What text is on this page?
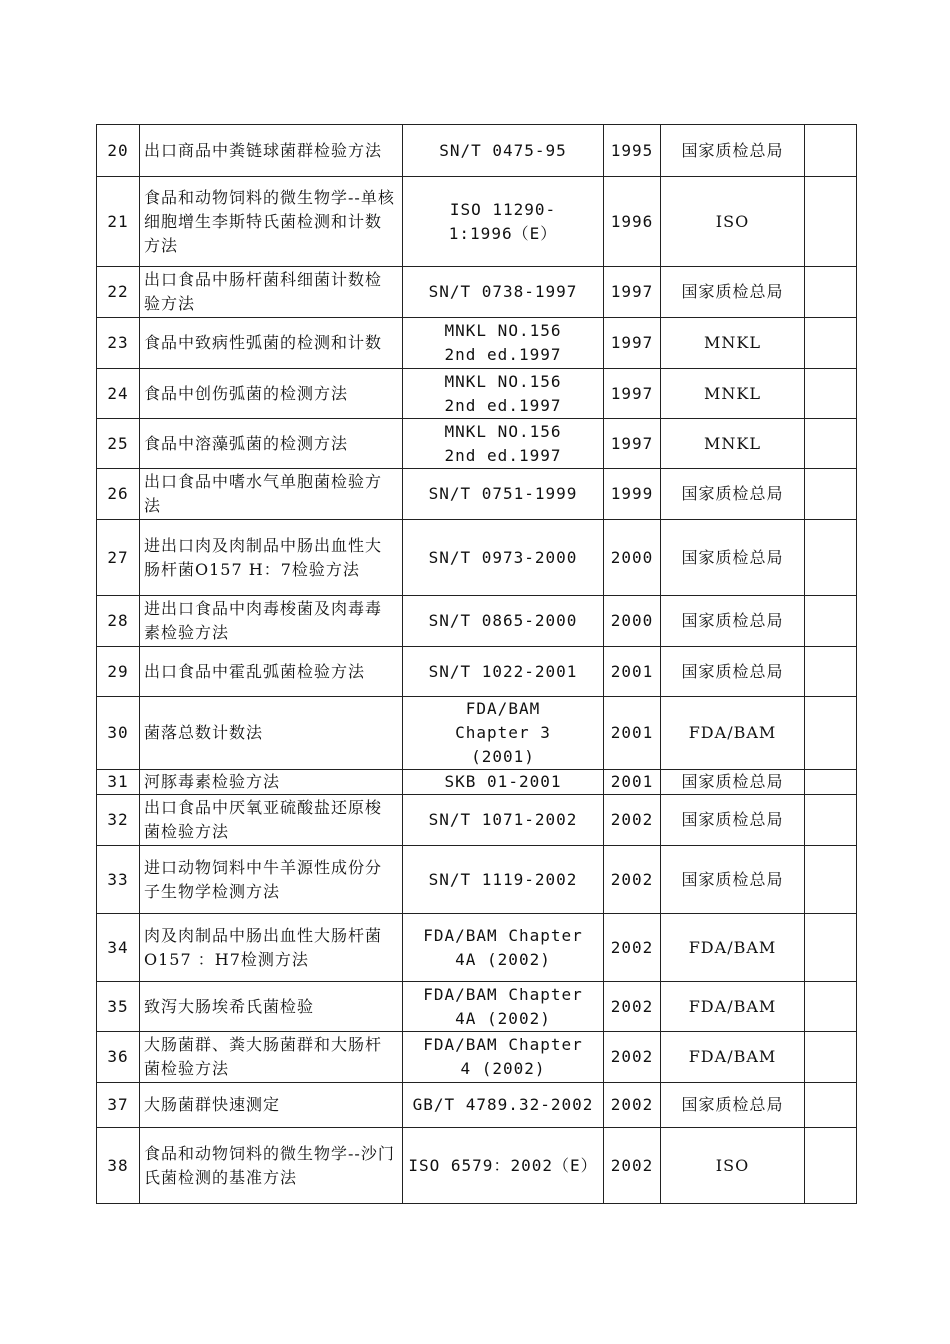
20	出口商品中粪链球菌群检验方法	SN/T 0475-95	1995	国家质检总局	
21	食品和动物饲料的微生物学--单核细胞增生李斯特氏菌检测和计数方法	ISO 11290-1:1996（E）	1996	ISO	
22	出口食品中肠杆菌科细菌计数检验方法	SN/T 0738-1997	1997	国家质检总局	
23	食品中致病性弧菌的检测和计数	MNKL NO.156 2nd ed.1997	1997	MNKL	
24	食品中创伤弧菌的检测方法	MNKL NO.156 2nd ed.1997	1997	MNKL	
25	食品中溶藻弧菌的检测方法	MNKL NO.156 2nd ed.1997	1997	MNKL	
26	出口食品中嗜水气单胞菌检验方法	SN/T 0751-1999	1999	国家质检总局	
27	进出口肉及肉制品中肠出血性大肠杆菌O157 H：7检验方法	SN/T 0973-2000	2000	国家质检总局	
28	进出口食品中肉毒梭菌及肉毒毒素检验方法	SN/T 0865-2000	2000	国家质检总局	
29	出口食品中霍乱弧菌检验方法	SN/T 1022-2001	2001	国家质检总局	
30	菌落总数计数法	FDA/BAM Chapter 3 (2001)	2001	FDA/BAM	
31	河豚毒素检验方法	SKB 01-2001	2001	国家质检总局	
32	出口食品中厌氧亚硫酸盐还原梭菌检验方法	SN/T 1071-2002	2002	国家质检总局	
33	进口动物饲料中牛羊源性成份分子生物学检测方法	SN/T 1119-2002	2002	国家质检总局	
34	肉及肉制品中肠出血性大肠杆菌O157 ：H7检测方法	FDA/BAM Chapter 4A (2002)	2002	FDA/BAM	
35	致泻大肠埃希氏菌检验	FDA/BAM Chapter 4A (2002)	2002	FDA/BAM	
36	大肠菌群、粪大肠菌群和大肠杆菌检验方法	FDA/BAM Chapter 4 (2002)	2002	FDA/BAM	
37	大肠菌群快速测定	GB/T 4789.32-2002	2002	国家质检总局	
38	食品和动物饲料的微生物学--沙门氏菌检测的基准方法	ISO 6579：2002（E）	2002	ISO	
